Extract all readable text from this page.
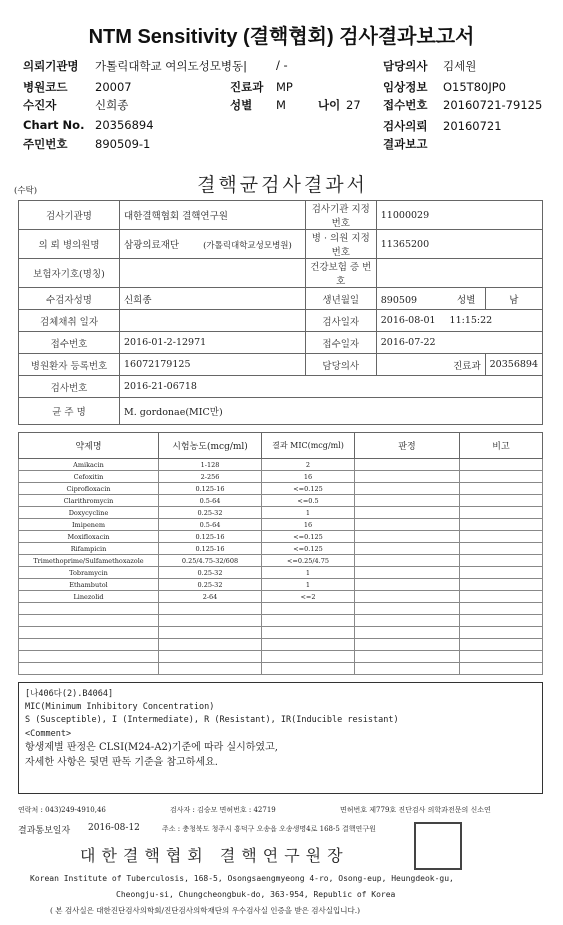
NTM Sensitivity (결핵협회) 검사결과보고서
의뢰기관명 가톨릭대학교 여의도성모병동|	/ -
병원코드 20007	진료과 MP
수진자	신희종	성별 M	나이 27
Chart No. 20356894
주민번호 890509-1
담당의사 김세원
임상정보 O15T80JP0
접수번호 20160721-79125
검사의뢰 20160721
결과보고
(수탁)	결핵균검사결과서
검사기관명	대한결핵협회 결핵연구원	검사기관 지정번호	11000029	
의 뢰 병의원명	삼광의료재단 (가톨릭대학교성모병원)	병 · 의원 지정번호	11365200	
보험자기호(명칭)		건강보험 증 번 호		
수검자성명	신희종	생년월일	890509 성별	남
검체채취 일자		검사일자	2016-08-01 11:15:22	
접수번호	2016-01-2-12971	접수일자	2016-07-22	
병원환자 등록번호	16072179125	담당의사	진료과	20356894
검사번호	2016-21-06718			
균 주 명	M. gordonae(MIC만)			
약제명	시험농도(mcg/ml)	결과 MIC(mcg/ml)	판정	비고
Amikacin	1-128	2		
Cefoxitin	2-256	16		
Ciprofloxacin	0.125-16	<=0.125		
Clarithromycin	0.5-64	<=0.5		
Doxycycline	0.25-32	1		
Imipenem	0.5-64	16		
Moxifloxacin	0.125-16	<=0.125		
Rifampicin	0.125-16	<=0.125		
Trimethoprime/Sulfamethoxazole	0.25/4.75-32/608	<=0.25/4.75		
Tobramycin	0.25-32	1		
Ethambutol	0.25-32	1		
Linezolid	2-64	<=2		

[나406다(2).B4064]
MIC(Minimum Inhibitory Concentration)
S (Susceptible), I (Intermediate), R (Resistant), IR(Inducible resistant)
<Comment>
항생제별 판정은 CLSI(M24-A2)기준에 따라 실시하였고,
자세한 사항은 뒷면 판독 기준을 참고하세요.
연락처 : 043)249-4910,46	검사자 : 김승모 면허번호 : 42719	면허번호 제779호 진단검사 의학과전문의 신소연
결과통보일자 2016-08-12	주소 : 충청북도 청주시 흥덕구 오송읍 오송생명4로 168-5 결핵연구원
대한결핵협회 결핵연구원장
Korean Institute of Tuberculosis, 168-5, Osongsaengmyeong 4-ro, Osong-eup, Heungdeok-gu,
Cheongju-si, Chungcheongbuk-do, 363-954, Republic of Korea
( 본 검사실은 대한진단검사의학회/진단검사의학재단의 우수검사실 인증을 받은 검사실입니다.)
